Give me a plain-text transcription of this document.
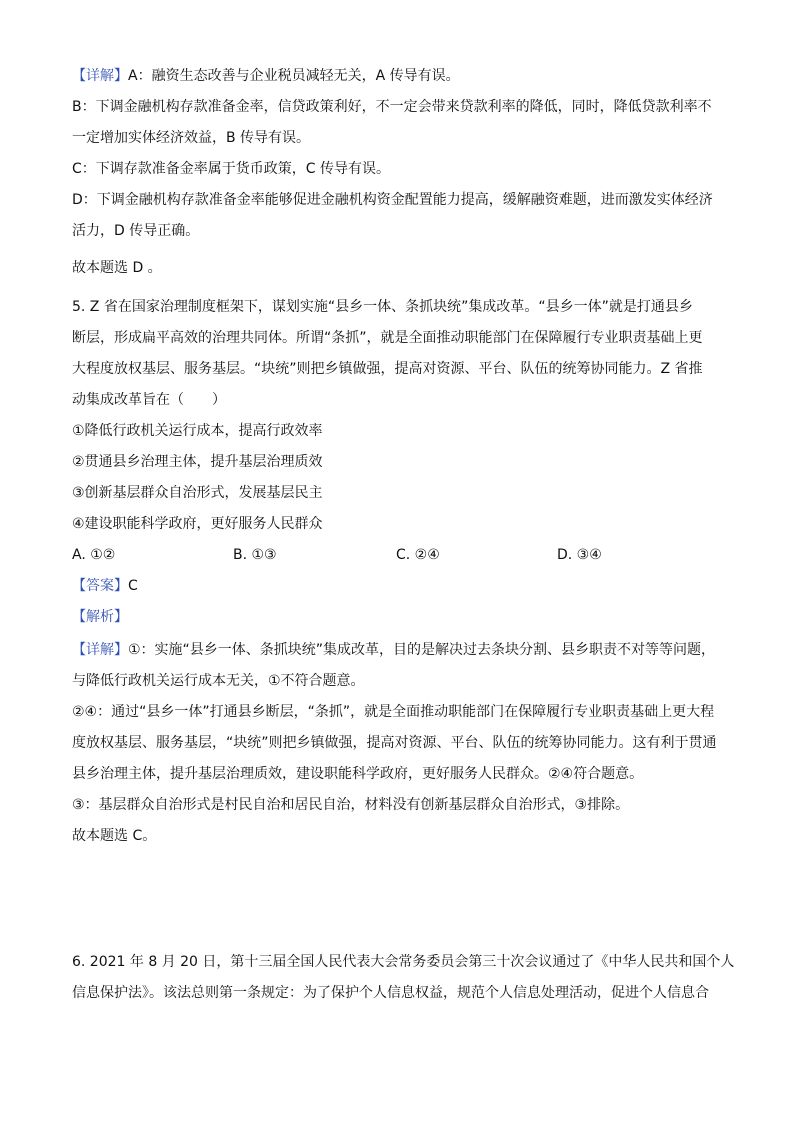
【详解】A：融资生态改善与企业税员减轻无关，A 传导有误。
B：下调金融机构存款准备金率，信贷政策利好，不一定会带来贷款利率的降低，同时，降低贷款利率不
一定增加实体经济效益，B 传导有误。
C：下调存款准备金率属于货币政策，C 传导有误。
D：下调金融机构存款准备金率能够促进金融机构资金配置能力提高，缓解融资难题，进而激发实体经济
活力，D 传导正确。
故本题选 D 。
5. Z 省在国家治理制度框架下，谋划实施“县乡一体、条抓块统”集成改革。“县乡一体”就是打通县乡
断层，形成扁平高效的治理共同体。所谓“条抓”，就是全面推动职能部门在保障履行专业职责基础上更
大程度放权基层、服务基层。“块统”则把乡镇做强，提高对资源、平台、队伍的统筹协同能力。Z 省推
动集成改革旨在（　　）
①降低行政机关运行成本，提高行政效率
②贯通县乡治理主体，提升基层治理质效
③创新基层群众自治形式，发展基层民主
④建设职能科学政府，更好服务人民群众
A. ①②	B. ①③	C. ②④	D. ③④
【答案】C
【解析】
【详解】①：实施“县乡一体、条抓块统”集成改革，目的是解决过去条块分割、县乡职责不对等等问题，
与降低行政机关运行成本无关，①不符合题意。
②④：通过“县乡一体”打通县乡断层，“条抓”，就是全面推动职能部门在保障履行专业职责基础上更大程
度放权基层、服务基层，“块统”则把乡镇做强，提高对资源、平台、队伍的统筹协同能力。这有利于贯通
县乡治理主体，提升基层治理质效，建设职能科学政府，更好服务人民群众。②④符合题意。
③：基层群众自治形式是村民自治和居民自治，材料没有创新基层群众自治形式，③排除。
故本题选 C。
6. 2021 年 8 月 20 日，第十三届全国人民代表大会常务委员会第三十次会议通过了《中华人民共和国个人
信息保护法》。该法总则第一条规定：为了保护个人信息权益，规范个人信息处理活动，促进个人信息合
